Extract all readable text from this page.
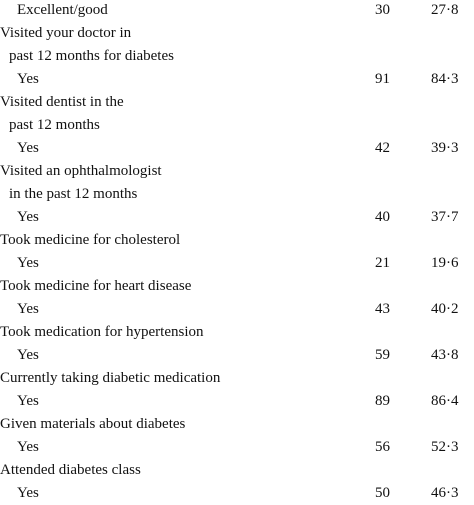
Excellent/good	30	27·8
Visited your doctor in
past 12 months for diabetes
Yes	91	84·3
Visited dentist in the
past 12 months
Yes	42	39·3
Visited an ophthalmologist
in the past 12 months
Yes	40	37·7
Took medicine for cholesterol
Yes	21	19·6
Took medicine for heart disease
Yes	43	40·2
Took medication for hypertension
Yes	59	43·8
Currently taking diabetic medication
Yes	89	86·4
Given materials about diabetes
Yes	56	52·3
Attended diabetes class
Yes	50	46·3
